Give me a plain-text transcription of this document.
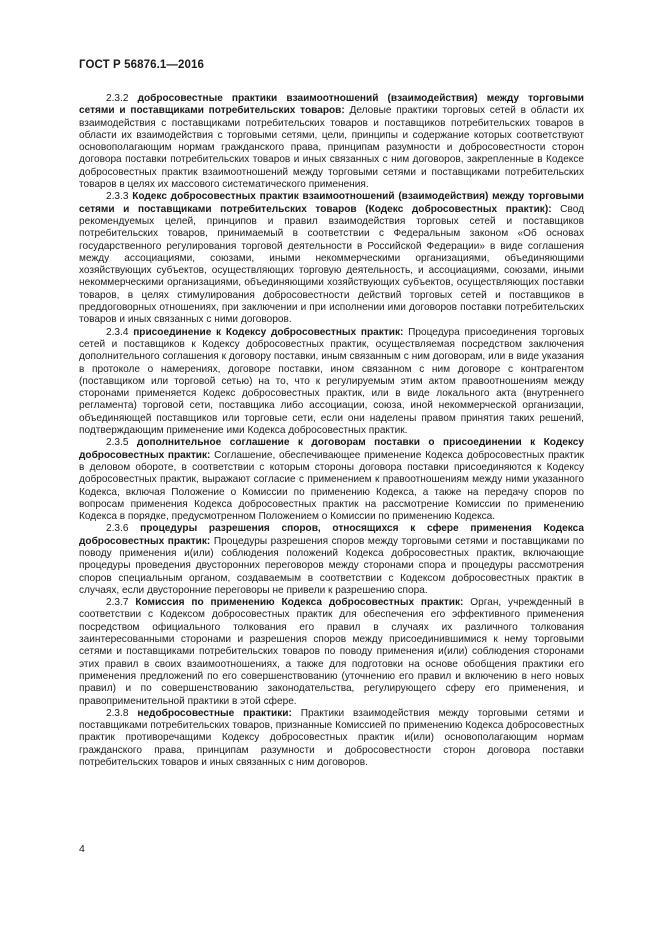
ГОСТ Р 56876.1—2016

2.3.2 добросовестные практики взаимоотношений (взаимодействия) между торговыми сетями и поставщиками потребительских товаров: Деловые практики торговых сетей в области их взаимодействия с поставщиками потребительских товаров и поставщиков потребительских товаров в области их взаимодействия с торговыми сетями, цели, принципы и содержание которых соответствуют основополагающим нормам гражданского права, принципам разумности и добросовестности сторон договора поставки потребительских товаров и иных связанных с ним договоров, закрепленные в Кодексе добросовестных практик взаимоотношений между торговыми сетями и поставщиками потребительских товаров в целях их массового систематического применения.

2.3.3 Кодекс добросовестных практик взаимоотношений (взаимодействия) между торговыми сетями и поставщиками потребительских товаров (Кодекс добросовестных практик): Свод рекомендуемых целей, принципов и правил взаимодействия торговых сетей и поставщиков потребительских товаров, принимаемый в соответствии с Федеральным законом «Об основах государственного регулирования торговой деятельности в Российской Федерации» в виде соглашения между ассоциациями, союзами, иными некоммерческими организациями, объединяющими хозяйствующих субъектов, осуществляющих торговую деятельность, и ассоциациями, союзами, иными некоммерческими организациями, объединяющими хозяйствующих субъектов, осуществляющих поставки товаров, в целях стимулирования добросовестности действий торговых сетей и поставщиков в преддоговорных отношениях, при заключении и при исполнении ими договоров поставки потребительских товаров и иных связанных с ними договоров.

2.3.4 присоединение к Кодексу добросовестных практик: Процедура присоединения торговых сетей и поставщиков к Кодексу добросовестных практик, осуществляемая посредством заключения дополнительного соглашения к договору поставки, иным связанным с ним договорам, или в виде указания в протоколе о намерениях, договоре поставки, ином связанном с ним договоре с контрагентом (поставщиком или торговой сетью) на то, что к регулируемым этим актом правоотношениям между сторонами применяется Кодекс добросовестных практик, или в виде локального акта (внутреннего регламента) торговой сети, поставщика либо ассоциации, союза, иной некоммерческой организации, объединяющей поставщиков или торговые сети, если они наделены правом принятия таких решений, подтверждающим применение ими Кодекса добросовестных практик.

2.3.5 дополнительное соглашение к договорам поставки о присоединении к Кодексу добросовестных практик: Соглашение, обеспечивающее применение Кодекса добросовестных практик в деловом обороте, в соответствии с которым стороны договора поставки присоединяются к Кодексу добросовестных практик, выражают согласие с применением к правоотношениям между ними указанного Кодекса, включая Положение о Комиссии по применению Кодекса, а также на передачу споров по вопросам применения Кодекса добросовестных практик на рассмотрение Комиссии по применению Кодекса в порядке, предусмотренном Положением о Комиссии по применению Кодекса.

2.3.6 процедуры разрешения споров, относящихся к сфере применения Кодекса добросовестных практик: Процедуры разрешения споров между торговыми сетями и поставщиками по поводу применения и(или) соблюдения положений Кодекса добросовестных практик, включающие процедуры проведения двусторонних переговоров между сторонами спора и процедуры рассмотрения споров специальным органом, создаваемым в соответствии с Кодексом добросовестных практик в случаях, если двусторонние переговоры не привели к разрешению спора.

2.3.7 Комиссия по применению Кодекса добросовестных практик: Орган, учрежденный в соответствии с Кодексом добросовестных практик для обеспечения его эффективного применения посредством официального толкования его правил в случаях их различного толкования заинтересованными сторонами и разрешения споров между присоединившимися к нему торговыми сетями и поставщиками потребительских товаров по поводу применения и(или) соблюдения сторонами этих правил в своих взаимоотношениях, а также для подготовки на основе обобщения практики его применения предложений по его совершенствованию (уточнению его правил и включению в него новых правил) и по совершенствованию законодательства, регулирующего сферу его применения, и правоприменительной практики в этой сфере.

2.3.8 недобросовестные практики: Практики взаимодействия между торговыми сетями и поставщиками потребительских товаров, признанные Комиссией по применению Кодекса добросовестных практик противоречащими Кодексу добросовестных практик и(или) основополагающим нормам гражданского права, принципам разумности и добросовестности сторон договора поставки потребительских товаров и иных связанных с ним договоров.

4
